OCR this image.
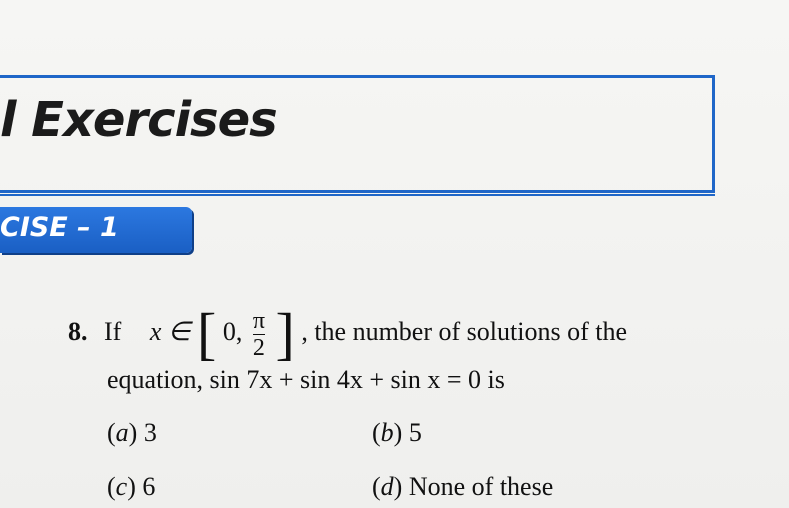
l Exercises
CISE – 1
8. If x ∈ [ 0, $\frac{\pi}{2}$ ] , the number of solutions of the
equation, sin 7x + sin 4x + sin x = 0 is
(a) 3	(b) 5
(c) 6	(d) None of these
